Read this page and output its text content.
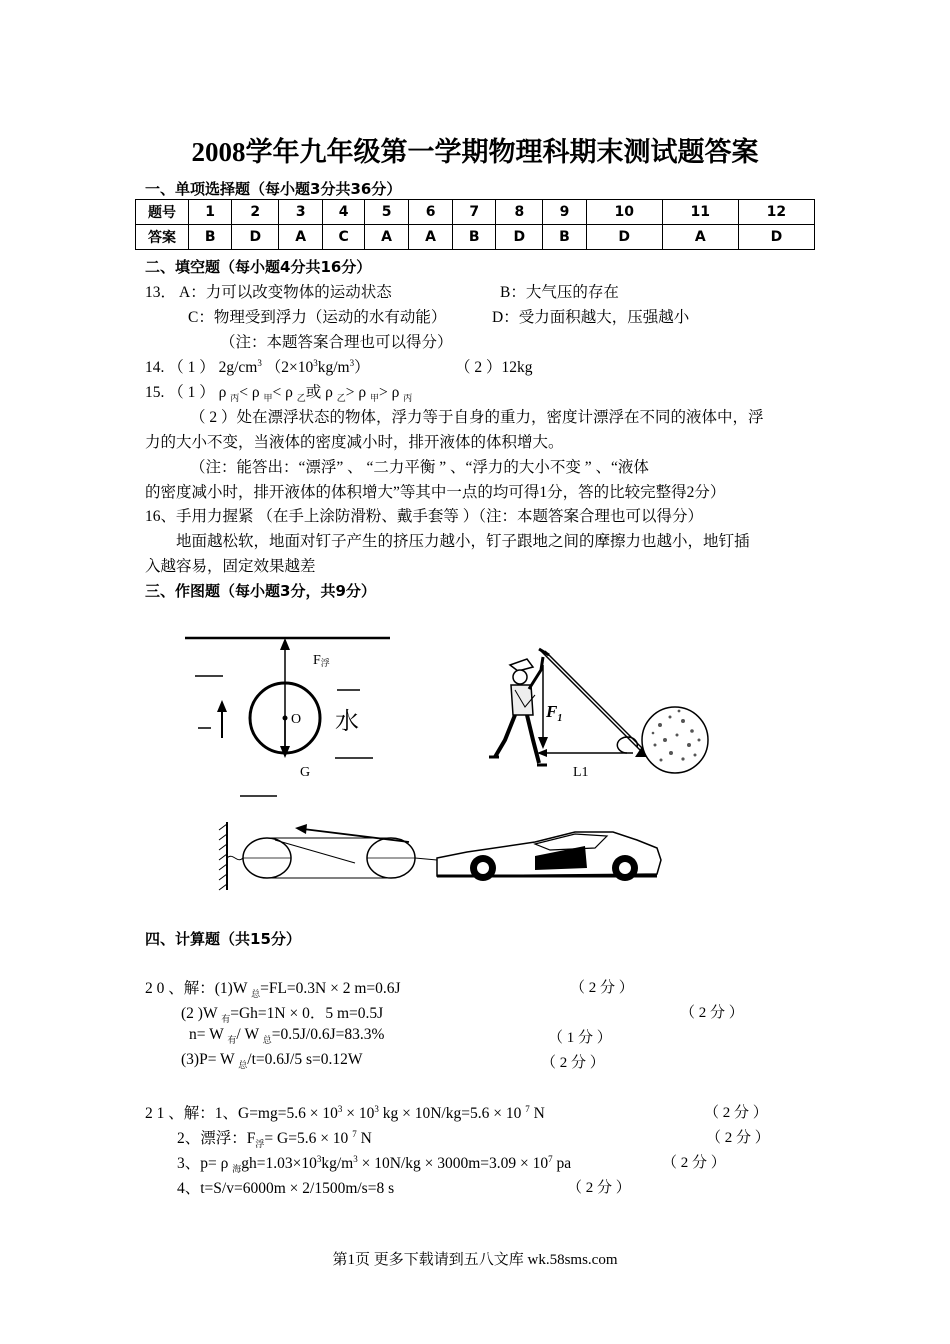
2008学年九年级第一学期物理科期末测试题答案
一、单项选择题（每小题3分共36分）
题号	1	2	3	4	5	6	7	8	9	10	11	12
答案	B	D	A	C	A	A	B	D	B	D	A	D
二、填空题（每小题4分共16分）
13． A：力可以改变物体的运动状态	B：大气压的存在
C：物理受到浮力（运动的水有动能）	D：受力面积越大，压强越小
（注：本题答案合理也可以得分）
14. （ 1 ） $2g/cm^3$ $(2\times 10^3kg/m^3)$	（ 2 ）12kg
15. （ 1 ） ρ $_丙$< ρ $_甲$< ρ $_乙$或 ρ $_乙$> ρ $_甲$> ρ $_丙$
（ 2 ）处在漂浮状态的物体，浮力等于自身的重力，密度计漂浮在不同的液体中，浮
力的大小不变，当液体的密度减小时，排开液体的体积增大。
（注：能答出：“漂浮” 、 “二力平衡 ” 、“浮力的大小不变 ” 、“液体
的密度减小时，排开液体的体积增大”等其中一点的均可得1分，答的比较完整得2分）
16、手用力握紧 （在手上涂防滑粉、戴手套等 ）（注：本题答案合理也可以得分）
地面越松软，地面对钉子产生的挤压力越小，钉子跟地之间的摩擦力也越小，地钉插
入越容易，固定效果越差
三、作图题（每小题3分，共9分）
F浮
O
G
水	$F_1$
L1
四、计算题（共15分）
2 0 、解：(1)W $_总$=FL=0.3N × 2 m=0.6J	（ 2 分 ）
(2 )W $_有$=Gh=1N × 0．5 m=0.5J	（ 2 分 ）
n= W $_有$/ W $_总$=0.5J/0.6J=83.3%	（ 1 分 ）
(3)P= W $_总$/t=0.6J/5 s=0.12W	（ 2 分 ）
2 1 、解：1、$G=mg=5.6 \times 10^3 \times 10^3$ kg × 10N/kg=5.6 × 10 $^7$ N	（ 2 分 ）
2、漂浮：$F_浮= G=5.6 \times 10$ $^7$ N	（ 2 分 ）
3、p= ρ $_海gh=1.03\times 10^3kg/m^3 \times 10N/kg \times 3000m=3.09 \times 10^7$ pa	（ 2 分 ）
4、t=S/v=6000m × 2/1500m/s=8 s	（ 2 分 ）
第1页 更多下载请到五八文库 wk.58sms.com
